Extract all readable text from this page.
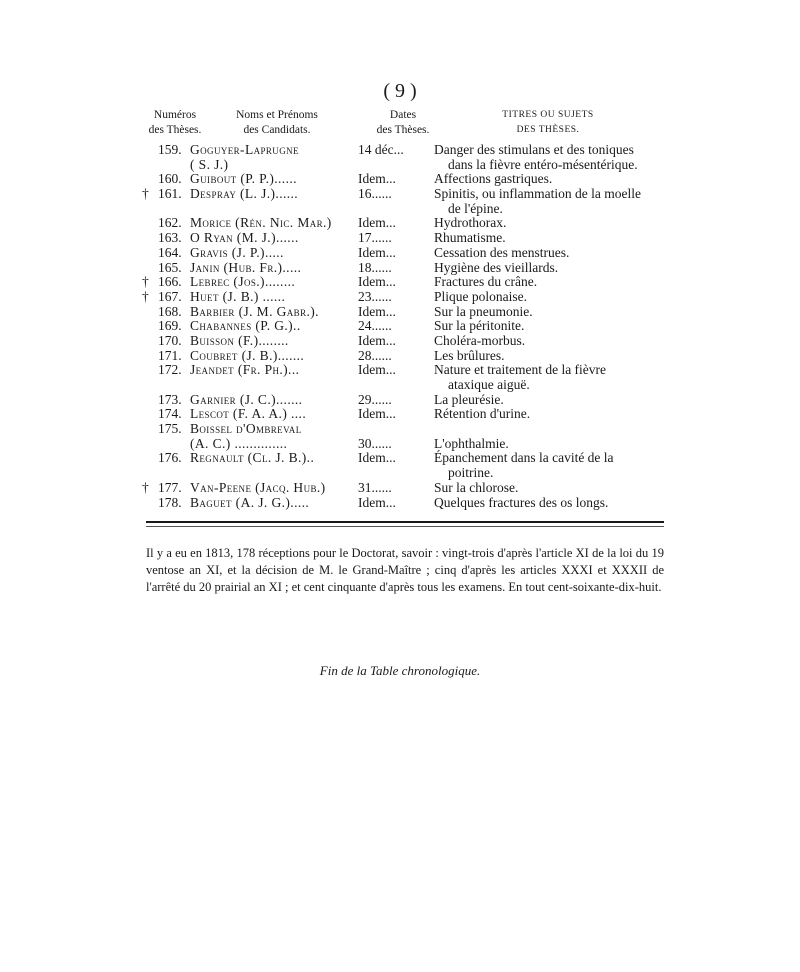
( 9 )
Numéros
des Thèses.
Noms et Prénoms
des Candidats.
Dates
des Thèses.
TITRES OU SUJETS
DES THÈSES.
159. Goguyer-Laprugne	14 déc... Danger des stimulans et des toniques
( S. J.)	dans la fièvre entéro-mésentérique.
160. Guibout (P. P.)......	Idem...	Affections gastriques.
† 161. Despray (L. J.)......	16......	Spinitis, ou inflammation de la moelle
de l'épine.
162. Morice (Rén. Nic. Mar.) Idem...	Hydrothorax.
163. O Ryan (M. J.)......	17......	Rhumatisme.
164. Gravis (J. P.).....	Idem...	Cessation des menstrues.
165. Janin (Hub. Fr.).....	18......	Hygiène des vieillards.
† 166. Lebrec (Jos.)........	Idem...	Fractures du crâne.
† 167. Huet (J. B.) ......	23......	Plique polonaise.
168. Barbier (J. M. Gabr.).	Idem...	Sur la pneumonie.
169. Chabannes (P. G.)..	24......	Sur la péritonite.
170. Buisson (F.)........	Idem...	Choléra-morbus.
171. Coubret (J. B.).......	28......	Les brûlures.
172. Jeandet (Fr. Ph.)...	Idem...	Nature et traitement de la fièvre
ataxique aiguë.
173. Garnier (J. C.).......	29......	La pleurésie.
174. Lescot (F. A. A.) ....	Idem...	Rétention d'urine.
175. Boissel d'Ombreval
(A. C.) ..............	30......	L'ophthalmie.
176. Regnault (Cl. J. B.)..	Idem...	Épanchement dans la cavité de la
poitrine.
† 177. Van-Peene (Jacq. Hub.) 31......	Sur la chlorose.
178. Baguet (A. J. G.).....	Idem...	Quelques fractures des os longs.
Il y a eu en 1813, 178 réceptions pour le Doctorat, savoir : vingt-trois d'après l'article XI de la loi du 19 ventose an XI, et la décision de M. le Grand-Maître ; cinq d'après les articles XXXI et XXXII de l'arrêté du 20 prairial an XI ; et cent cinquante d'après tous les examens. En tout cent-soixante-dix-huit.
Fin de la Table chronologique.
